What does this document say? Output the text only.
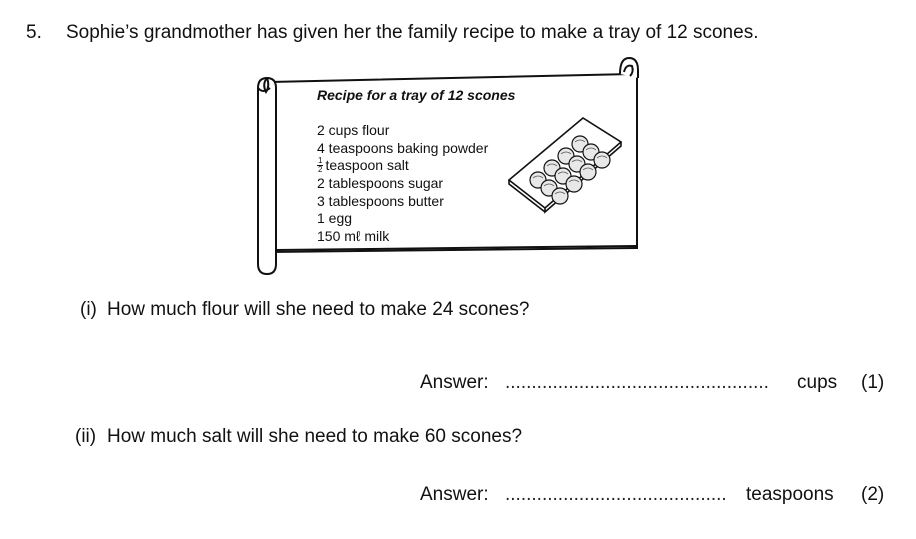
5. Sophie’s grandmother has given her the family recipe to make a tray of 12 scones.
Recipe for a tray of 12 scones
2 cups flour
4 teaspoons baking powder
$\frac{1}{2}$ teaspoon salt
2 tablespoons sugar
3 tablespoons butter
1 egg
150 mℓ milk
(i) How much flour will she need to make 24 scones?
Answer: ..................................................	cups (1)
(ii) How much salt will she need to make 60 scones?
Answer: ..........................................	teaspoons (2)
